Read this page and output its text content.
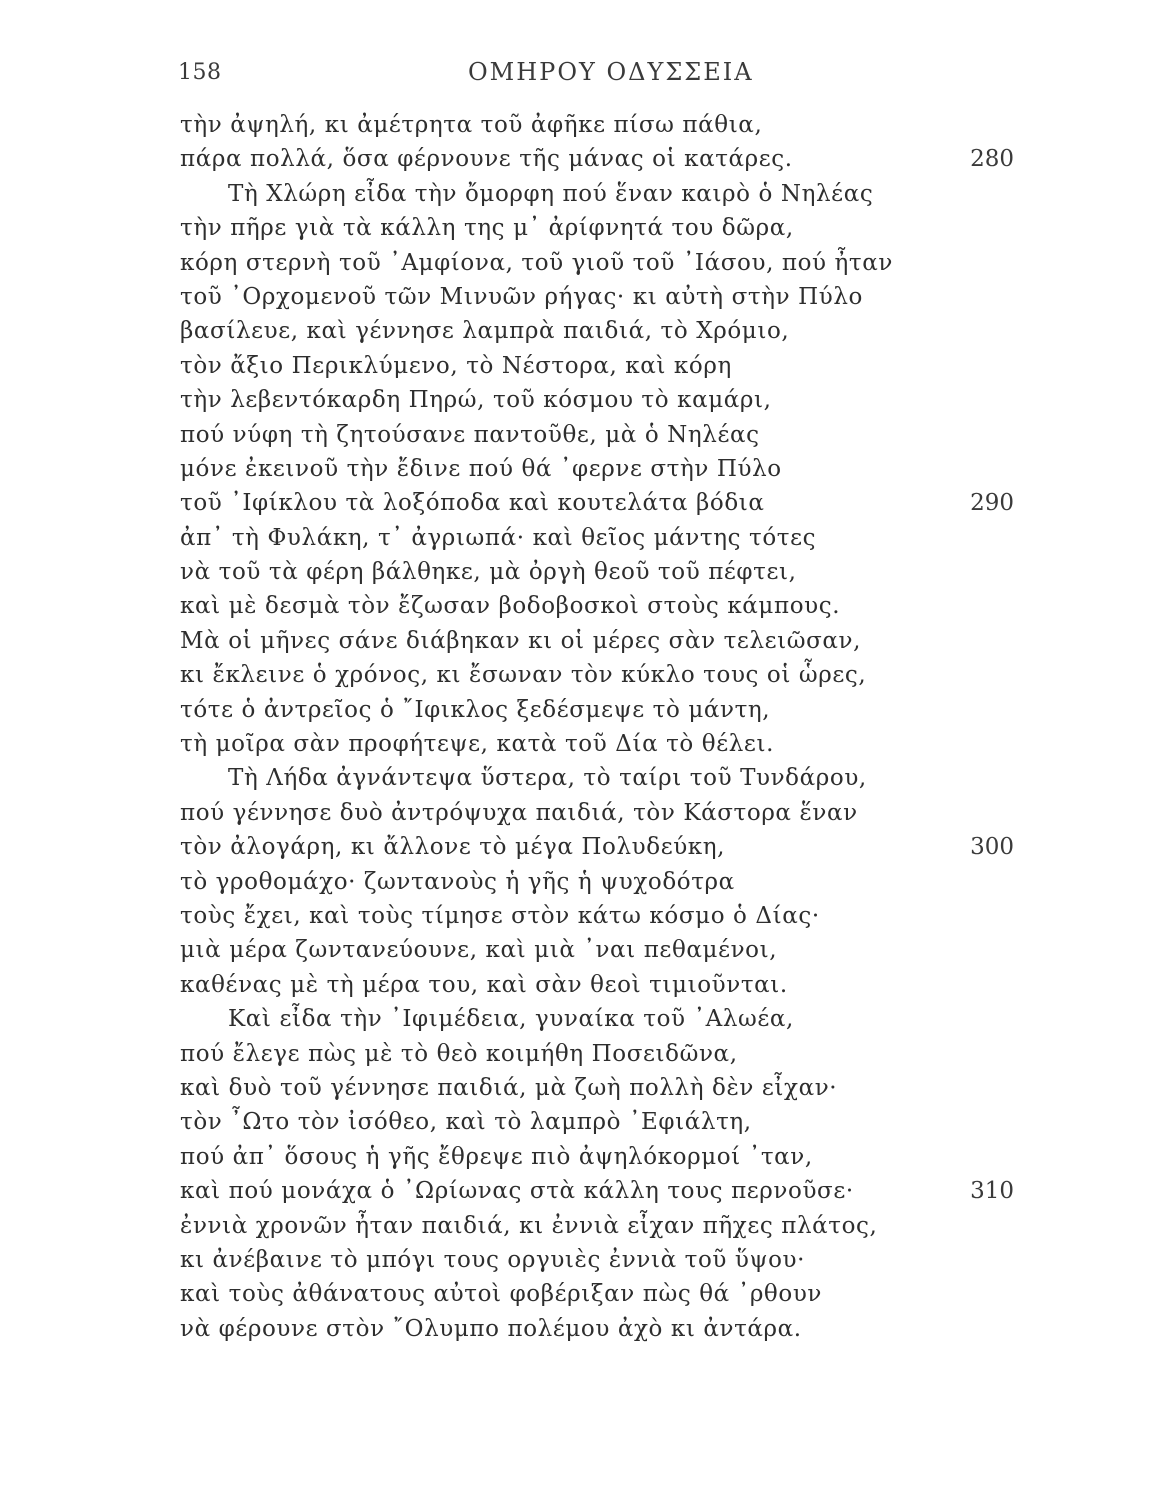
158	ΟΜΗΡΟΥ ΟΔΥΣΣΕΙΑ
τὴν ἀψηλή, κι ἀμέτρητα τοῦ ἀφῆκε πίσω πάθια,
πάρα πολλά, ὅσα φέρνουνε τῆς μάνας οἱ κατάρες.	280
Τὴ Χλώρη εἶδα τὴν ὄμορφη πού ἕναν καιρὸ ὁ Νηλέας
τὴν πῆρε γιὰ τὰ κάλλη της μ᾽ ἀρίφνητά του δῶρα,
κόρη στερνὴ τοῦ ᾽Αμφίονα, τοῦ γιοῦ τοῦ ᾽Ιάσου, πού ἦταν
τοῦ ᾽Ορχομενοῦ τῶν Μινυῶν ρήγας· κι αὐτὴ στὴν Πύλο
βασίλευε, καὶ γέννησε λαμπρὰ παιδιά, τὸ Χρόμιο,
τὸν ἄξιο Περικλύμενο, τὸ Νέστορα, καὶ κόρη
τὴν λεβεντόκαρδη Πηρώ, τοῦ κόσμου τὸ καμάρι,
πού νύφη τὴ ζητούσανε παντοῦθε, μὰ ὁ Νηλέας
μόνε ἐκεινοῦ τὴν ἔδινε πού θά ᾽φερνε στὴν Πύλο
τοῦ ᾽Ιφίκλου τὰ λοξόποδα καὶ κουτελάτα βόδια	290
ἀπ᾽ τὴ Φυλάκη, τ᾽ ἀγριωπά· καὶ θεῖος μάντης τότες
νὰ τοῦ τὰ φέρη βάλθηκε, μὰ ὀργὴ θεοῦ τοῦ πέφτει,
καὶ μὲ δεσμὰ τὸν ἔζωσαν βοδοβοσκοὶ στοὺς κάμπους.
Μὰ οἱ μῆνες σάνε διάβηκαν κι οἱ μέρες σὰν τελειῶσαν,
κι ἔκλεινε ὁ χρόνος, κι ἔσωναν τὸν κύκλο τους οἱ ὧρες,
τότε ὁ ἀντρεῖος ὁ ῎Ιφικλος ξεδέσμεψε τὸ μάντη,
τὴ μοῖρα σὰν προφήτεψε, κατὰ τοῦ Δία τὸ θέλει.
Τὴ Λήδα ἀγνάντεψα ὕστερα, τὸ ταίρι τοῦ Τυνδάρου,
πού γέννησε δυὸ ἀντρόψυχα παιδιά, τὸν Κάστορα ἕναν
τὸν ἀλογάρη, κι ἄλλονε τὸ μέγα Πολυδεύκη,	300
τὸ γροθομάχο· ζωντανοὺς ἡ γῆς ἡ ψυχοδότρα
τοὺς ἔχει, καὶ τοὺς τίμησε στὸν κάτω κόσμο ὁ Δίας·
μιὰ μέρα ζωντανεύουνε, καὶ μιὰ ᾽ναι πεθαμένοι,
καθένας μὲ τὴ μέρα του, καὶ σὰν θεοὶ τιμιοῦνται.
Καὶ εἶδα τὴν ᾽Ιφιμέδεια, γυναίκα τοῦ ᾽Αλωέα,
πού ἔλεγε πὼς μὲ τὸ θεὸ κοιμήθη Ποσειδῶνα,
καὶ δυὸ τοῦ γέννησε παιδιά, μὰ ζωὴ πολλὴ δὲν εἶχαν·
τὸν ῏Ωτο τὸν ἰσόθεο, καὶ τὸ λαμπρὸ ᾽Εφιάλτη,
πού ἀπ᾽ ὅσους ἡ γῆς ἔθρεψε πιὸ ἀψηλόκορμοί ᾽ταν,
καὶ πού μονάχα ὁ ᾽Ωρίωνας στὰ κάλλη τους περνοῦσε·	310
ἐννιὰ χρονῶν ἦταν παιδιά, κι ἐννιὰ εἶχαν πῆχες πλάτος,
κι ἀνέβαινε τὸ μπόγι τους οργυιὲς ἐννιὰ τοῦ ὕψου·
καὶ τοὺς ἀθάνατους αὐτοὶ φοβέριξαν πὼς θά ᾽ρθουν
νὰ φέρουνε στὸν ῎Ολυμπο πολέμου ἀχὸ κι ἀντάρα.
